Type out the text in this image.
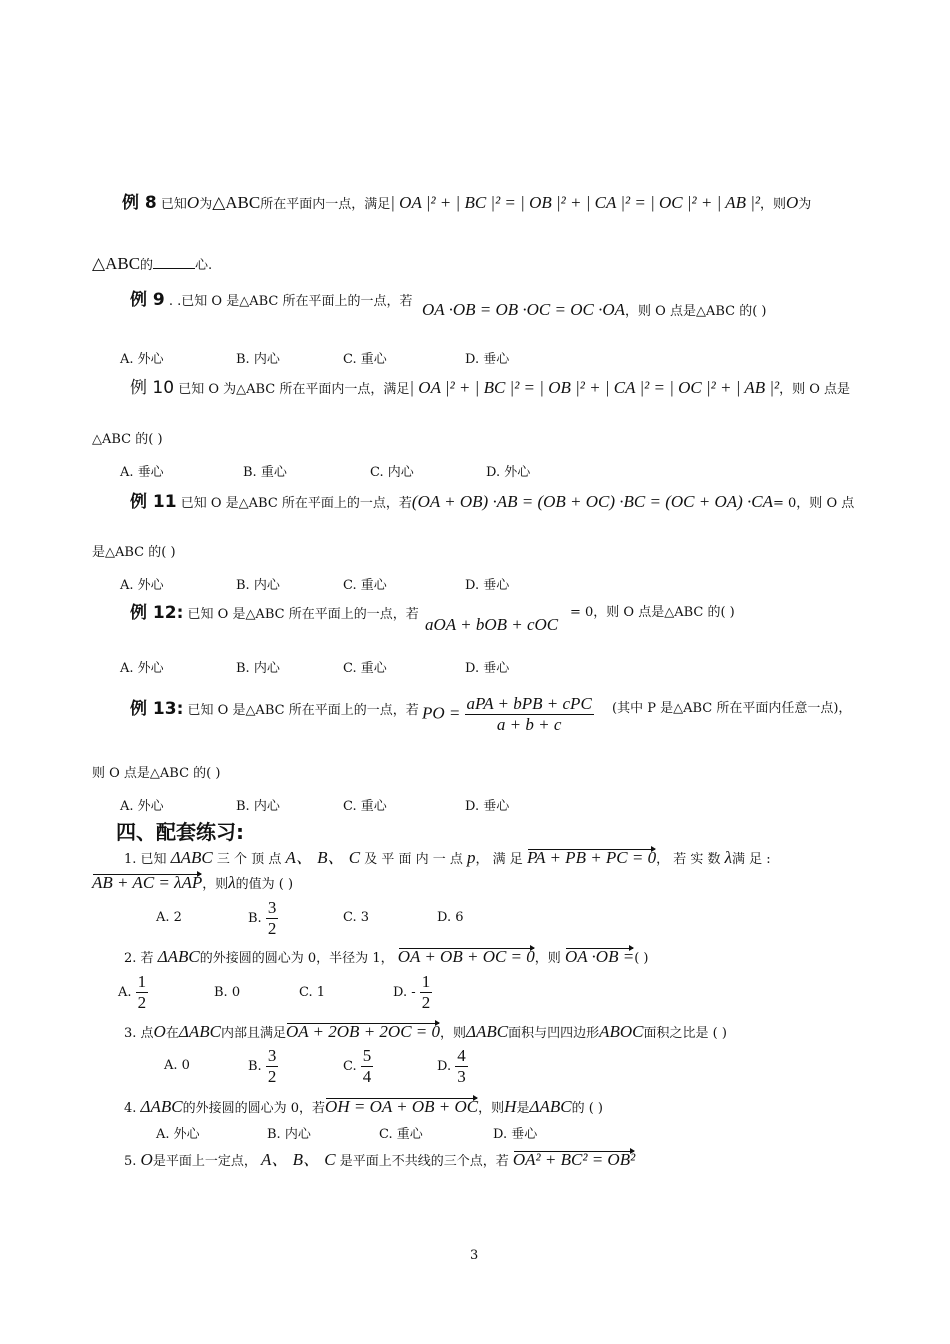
例 8 已知O为△ABC所在平面内一点，满足| OA |² + | BC |² = | OB |² + | CA |² = | OC |² + | AB |²，则O为
△ABC的	心.
例 9 . .已知 O 是△ABC 所在平面上的一点，若 OA ·OB = OB ·OC = OC ·OA，则 O 点是△ABC 的( )
A. 外心	B. 内心	C. 重心	D. 垂心
例 10 已知 O 为△ABC 所在平面内一点，满足| OA |² + | BC |² = | OB |² + | CA |² = | OC |² + | AB |²，则 O 点是
△ABC 的( )
A. 垂心	B. 重心	C. 内心	D. 外心
例 11 已知 O 是△ABC 所在平面上的一点，若(OA + OB) ·AB = (OB + OC) ·BC = (OC + OA) ·CA= 0，则 O 点
是△ABC 的( )
A. 外心	B. 内心	C. 重心	D. 垂心
例 12: 已知 O 是△ABC 所在平面上的一点，若
aOA + bOB + cOC
= 0，则 O 点是△ABC 的( )
A. 外心	B. 内心	C. 重心	D. 垂心
例 13: 已知 O 是△ABC 所在平面上的一点，若 PO = $\frac{\text{aPA + bPB + cPC}}{a + b + c}$ (其中 P 是△ABC 所在平面内任意一点)，
则 O 点是△ABC 的( )
A. 外心	B. 内心	C. 重心	D. 垂心
四、配套练习:
1. 已知 ΔABC 三 个 顶 点 A、 B、 C 及 平 面 内 一 点 p， 满 足 PA + PB + PC = 0， 若 实 数 λ满 足 :
AB + AC = λAP，则λ的值为 ( )
A. 2	B. $\frac{3}{2}$	C. 3	D. 6
2. 若 ΔABC的外接圆的圆心为 0，半径为 1， OA + OB + OC = 0，则 OA ·OB =( )
A. $\frac{1}{2}$	B. 0	C. 1	D. - $\frac{1}{2}$
3. 点O在ΔABC内部且满足OA + 2OB + 2OC = 0，则ΔABC面积与凹四边形ABOC面积之比是 ( )
A. 0	B. $\frac{3}{2}$	C. $\frac{5}{4}$	D. $\frac{4}{3}$
4. ΔABC的外接圆的圆心为 0，若OH = OA + OB + OC，则H是ΔABC的 ( )
A. 外心	B. 内心	C. 重心	D. 垂心
5. O是平面上一定点， A、 B、 C 是平面上不共线的三个点，若 OA² + BC² = OB²
3
